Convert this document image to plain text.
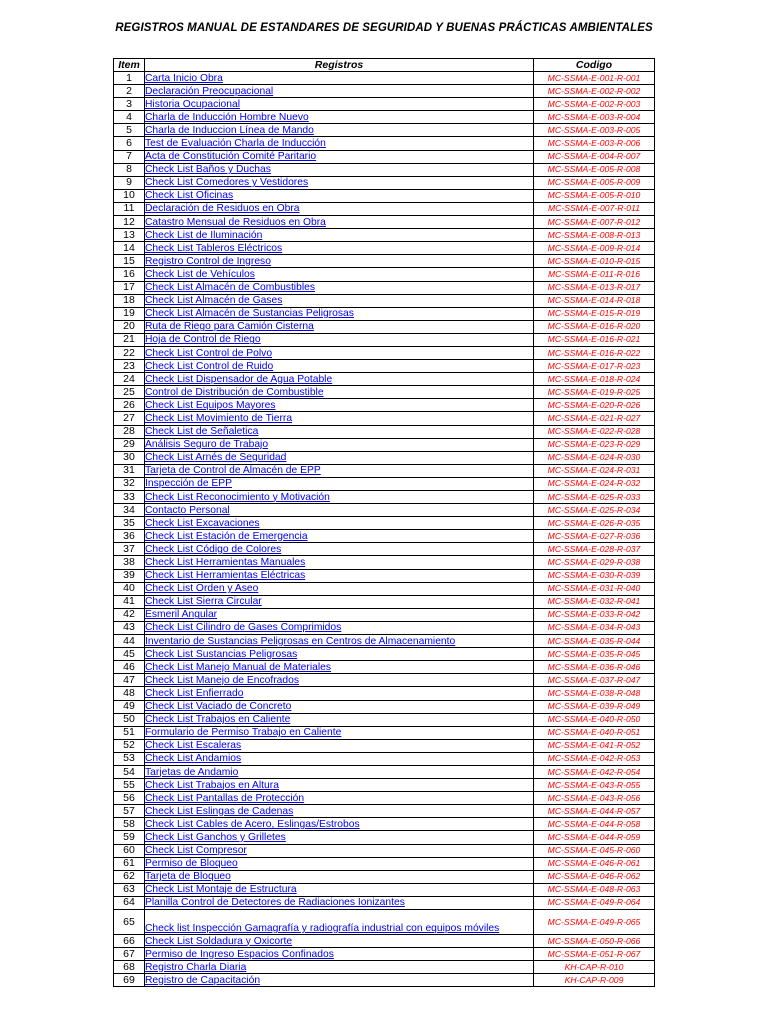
REGISTROS MANUAL DE ESTANDARES DE SEGURIDAD Y BUENAS PRÁCTICAS AMBIENTALES
Item	Registros	Codigo
1	Carta Inicio Obra	MC-SSMA-E-001-R-001
2	Declaración Preocupacional	MC-SSMA-E-002-R-002
3	Historia Ocupacional	MC-SSMA-E-002-R-003
4	Charla de Inducción Hombre Nuevo	MC-SSMA-E-003-R-004
5	Charla de Induccion Línea de Mando	MC-SSMA-E-003-R-005
6	Test de Evaluación Charla de Inducción	MC-SSMA-E-003-R-006
7	Acta de Constitución Comité Paritario	MC-SSMA-E-004-R-007
8	Check List Baños y Duchas	MC-SSMA-E-005-R-008
9	Check List Comedores y Vestidores	MC-SSMA-E-005-R-009
10	Check List Oficinas	MC-SSMA-E-005-R-010
11	Declaración de Residuos en Obra	MC-SSMA-E-007-R-011
12	Catastro Mensual de Residuos en Obra	MC-SSMA-E-007-R-012
13	Check List de Iluminación	MC-SSMA-E-008-R-013
14	Check List Tableros Eléctricos	MC-SSMA-E-009-R-014
15	Registro Control de Ingreso	MC-SSMA-E-010-R-015
16	Check List de Vehículos	MC-SSMA-E-011-R-016
17	Check List Almacén de Combustibles	MC-SSMA-E-013-R-017
18	Check List Almacén de Gases	MC-SSMA-E-014-R-018
19	Check List Almacén de Sustancias Peligrosas	MC-SSMA-E-015-R-019
20	Ruta de Riego para Camión Cisterna	MC-SSMA-E-016-R-020
21	Hoja de Control de Riego	MC-SSMA-E-016-R-021
22	Check List Control de Polvo	MC-SSMA-E-016-R-022
23	Check List Control de Ruido	MC-SSMA-E-017-R-023
24	Check List Dispensador de Agua Potable	MC-SSMA-E-018-R-024
25	Control de Distribución de Combustible	MC-SSMA-E-019-R-025
26	Check List Equipos Mayores	MC-SSMA-E-020-R-026
27	Check List Movimiento de Tierra	MC-SSMA-E-021-R-027
28	Check List de Señaletica	MC-SSMA-E-022-R-028
29	Análisis Seguro de Trabajo	MC-SSMA-E-023-R-029
30	Check List Arnés de Seguridad	MC-SSMA-E-024-R-030
31	Tarjeta de Control de Almacén de EPP	MC-SSMA-E-024-R-031
32	Inspección de EPP	MC-SSMA-E-024-R-032
33	Check List Reconocimiento y Motivación	MC-SSMA-E-025-R-033
34	Contacto Personal	MC-SSMA-E-025-R-034
35	Check List Excavaciones	MC-SSMA-E-026-R-035
36	Check List Estación de Emergencia	MC-SSMA-E-027-R-036
37	Check List Código de Colores	MC-SSMA-E-028-R-037
38	Check List Herramientas Manuales	MC-SSMA-E-029-R-038
39	Check List Herramientas Eléctricas	MC-SSMA-E-030-R-039
40	Check List Orden y Aseo	MC-SSMA-E-031-R-040
41	Check List Sierra Circular	MC-SSMA-E-032-R-041
42	Esmeril Angular	MC-SSMA-E-033-R-042
43	Check List Cilindro de Gases Comprimidos	MC-SSMA-E-034-R-043
44	Inventario de Sustancias Peligrosas en Centros de Almacenamiento	MC-SSMA-E-035-R-044
45	Check List Sustancias Peligrosas	MC-SSMA-E-035-R-045
46	Check List Manejo Manual de Materiales	MC-SSMA-E-036-R-046
47	Check List Manejo de Encofrados	MC-SSMA-E-037-R-047
48	Check List Enfierrado	MC-SSMA-E-038-R-048
49	Check List Vaciado de Concreto	MC-SSMA-E-039-R-049
50	Check List Trabajos en Caliente	MC-SSMA-E-040-R-050
51	Formulario de Permiso Trabajo en Caliente	MC-SSMA-E-040-R-051
52	Check List Escaleras	MC-SSMA-E-041-R-052
53	Check List Andamios	MC-SSMA-E-042-R-053
54	Tarjetas de Andamio	MC-SSMA-E-042-R-054
55	Check List Trabajos en Altura	MC-SSMA-E-043-R-055
56	Check List Pantallas de Protección	MC-SSMA-E-043-R-056
57	Check List Eslingas de Cadenas	MC-SSMA-E-044-R-057
58	Check List Cables de Acero, Eslingas/Estrobos	MC-SSMA-E-044-R-058
59	Check List Ganchos y Grilletes	MC-SSMA-E-044-R-059
60	Check List Compresor	MC-SSMA-E-045-R-060
61	Permiso de Bloqueo	MC-SSMA-E-046-R-061
62	Tarjeta de Bloqueo	MC-SSMA-E-046-R-062
63	Check List Montaje de Estructura	MC-SSMA-E-048-R-063
64	Planilla Control de Detectores de Radiaciones Ionizantes	MC-SSMA-E-049-R-064
65	Check list Inspección Gamagrafía y radiografía industrial con equipos móviles	MC-SSMA-E-049-R-065
66	Check List Soldadura y Oxicorte	MC-SSMA-E-050-R-066
67	Permiso de Ingreso Espacios Confinados	MC-SSMA-E-051-R-067
68	Registro Charla Diaria	KH-CAP-R-010
69	Registro de Capacitación	KH-CAP-R-009
